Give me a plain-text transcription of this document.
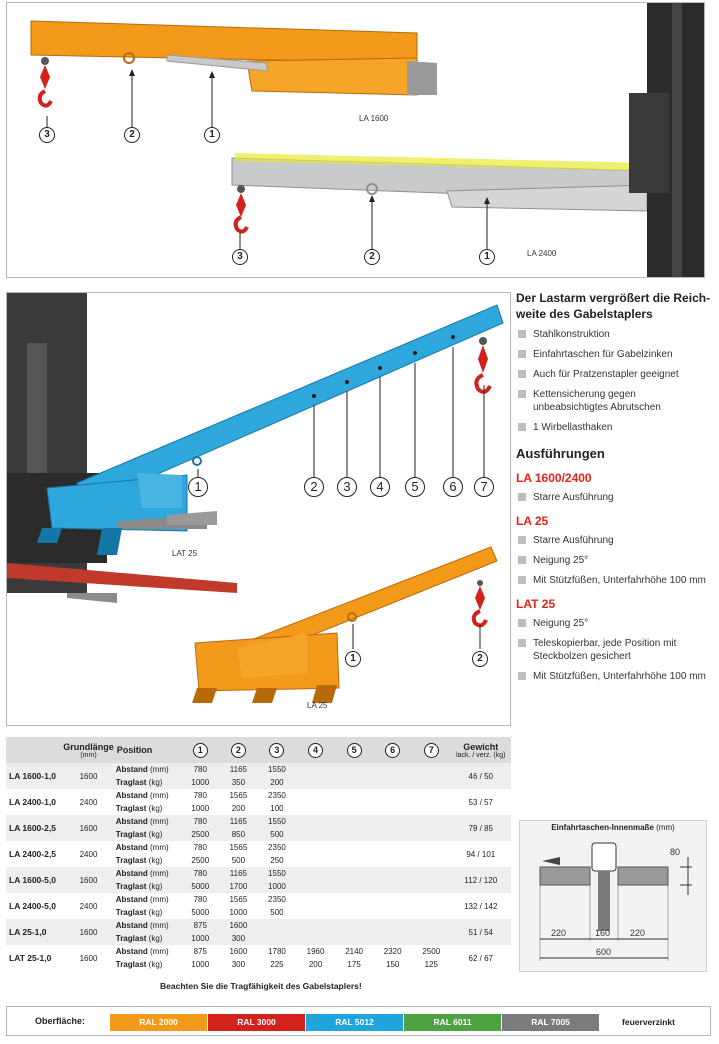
3	2	1
LA 1600
3	2	1	LA 2400
1	2	3	4	5	6	7
LAT 25
1	2
LA 25
Der Lastarm vergrößert die Reich-weite des Gabelstaplers
Stahlkonstruktion
Einfahrtaschen für Gabelzinken
Auch für Pratzenstapler geeignet
Kettensicherung gegen unbeabsichtigtes Abrutschen
1 Wirbellasthaken
Ausführungen
LA 1600/2400
Starre Ausführung
LA 25
Starre Ausführung
Neigung 25°
Mit Stützfüßen, Unterfahrhöhe 100 mm
LAT 25
Neigung 25°
Teleskopierbar, jede Position mit Steckbolzen gesichert
Mit Stützfüßen, Unterfahrhöhe 100 mm
	Grundlänge
(mm)	Position	1	2	3	4	5	6	7	Gewicht
lack. / verz. (kg)

LA 1600-1,0	1600	Abstand (mm)	780	1165	1550					46 / 50
		Traglast (kg)	1000	350	200					
LA 2400-1,0	2400	Abstand (mm)	780	1565	2350					53 / 57
		Traglast (kg)	1000	200	100					
LA 1600-2,5	1600	Abstand (mm)	780	1165	1550					79 / 85
		Traglast (kg)	2500	850	500					
LA 2400-2,5	2400	Abstand (mm)	780	1565	2350					94 / 101
		Traglast (kg)	2500	500	250					
LA 1600-5,0	1600	Abstand (mm)	780	1165	1550					112 / 120
		Traglast (kg)	5000	1700	1000					
LA 2400-5,0	2400	Abstand (mm)	780	1565	2350					132 / 142
		Traglast (kg)	5000	1000	500					
LA 25-1,0	1600	Abstand (mm)	875	1600						51 / 54
		Traglast (kg)	1000	300						
LAT 25-1,0	1600	Abstand (mm)	875	1600	1780	1960	2140	2320	2500	62 / 67
		Traglast (kg)	1000	300	225	200	175	150	125	
Beachten Sie die Tragfähigkeit des Gabelstaplers!
Einfahrtaschen-Innenmaße (mm)
80
220	160 220
600
Oberfläche:	RAL 2000	RAL 3000	RAL 5012	RAL 6011	RAL 7005	feuerverzinkt
